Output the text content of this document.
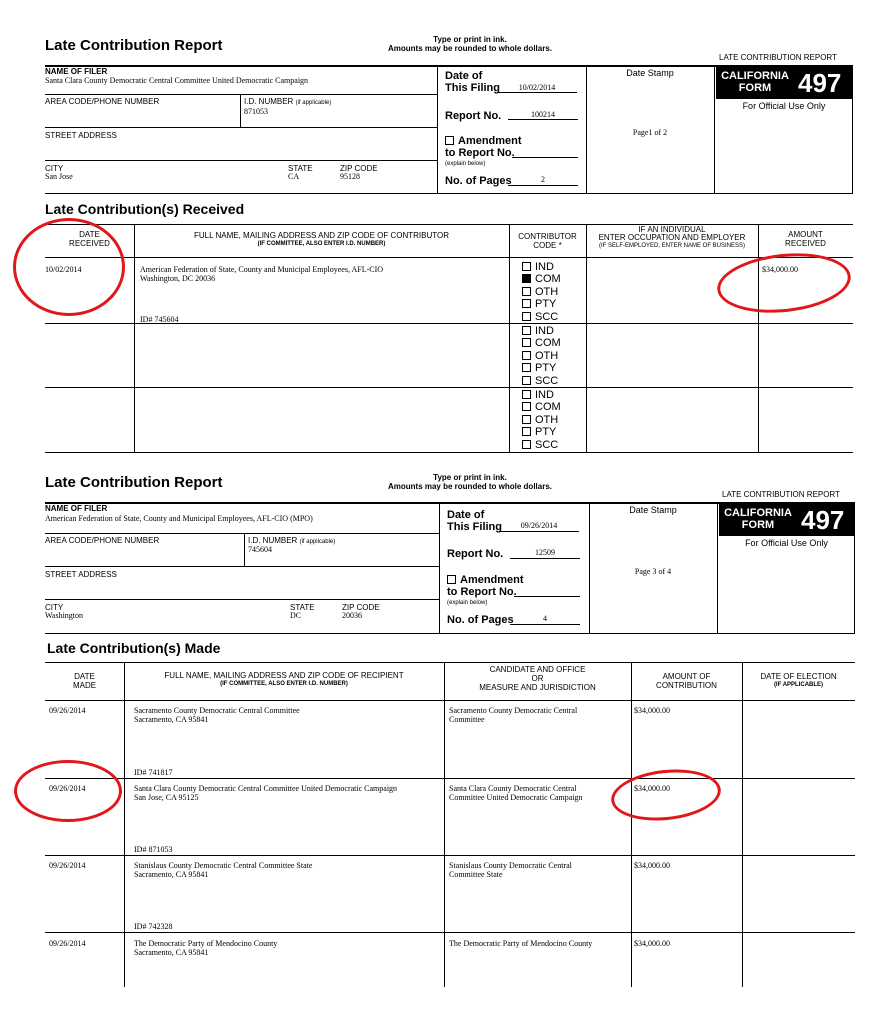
Late Contribution Report	Type or print in ink.
Amounts may be rounded to whole dollars.
LATE CONTRIBUTION REPORT
NAME OF FILER
Santa Clara County Democratic Central Committee United Democratic Campaign
AREA CODE/PHONE NUMBER	I.D. NUMBER (if applicable)
871053
STREET ADDRESS
CITY
San Jose
STATE
CA
ZIP CODE
95128
Date of
This Filing	10/02/2014
Report No.	100214
Amendment
to Report No.
(explain below)
No. of Pages	2
Date Stamp
Page1 of 2
CALIFORNIA
FORM	497
For Official Use Only
Late Contribution(s) Received
DATE
RECEIVED
FULL NAME, MAILING ADDRESS AND ZIP CODE OF CONTRIBUTOR
(IF COMMITTEE, ALSO ENTER I.D. NUMBER)
CONTRIBUTOR
CODE *
IF AN INDIVIDUAL
ENTER OCCUPATION AND EMPLOYER
(IF SELF-EMPLOYED, ENTER NAME OF BUSINESS)
AMOUNT
RECEIVED
10/02/2014	American Federation of State, County and Municipal Employees, AFL-CIO
Washington, DC 20036
ID# 745604
$34,000.00
IND
COM
OTH
PTY
SCC
IND
COM
OTH
PTY
SCC
IND
COM
OTH
PTY
SCC
Late Contribution Report	Type or print in ink.
Amounts may be rounded to whole dollars.
LATE CONTRIBUTION REPORT
NAME OF FILER
American Federation of State, County and Municipal Employees, AFL-CIO (MPO)
AREA CODE/PHONE NUMBER	I.D. NUMBER (if applicable)
745604
STREET ADDRESS
CITY
Washington
STATE
DC
ZIP CODE
20036
Date of
This Filing	09/26/2014
Report No.	12509
Amendment
to Report No.
(explain below)
No. of Pages	4
Date Stamp
Page 3 of 4
CALIFORNIA
FORM	497
For Official Use Only
Late Contribution(s) Made
DATE
MADE
FULL NAME, MAILING ADDRESS AND ZIP CODE OF RECIPIENT
(IF COMMITTEE, ALSO ENTER I.D. NUMBER)
CANDIDATE AND OFFICE
OR
MEASURE AND JURISDICTION
AMOUNT OF
CONTRIBUTION
DATE OF ELECTION
(IF APPLICABLE)
09/26/2014	Sacramento County Democratic Central Committee
Sacramento, CA 95841
ID# 741817
Sacramento County Democratic Central
Committee
$34,000.00
09/26/2014	Santa Clara County Democratic Central Committee United Democratic Campaign
San Jose, CA 95125
ID# 871053
Santa Clara County Democratic Central
Committee United Democratic Campaign
$34,000.00
09/26/2014	Stanislaus County Democratic Central Committee State
Sacramento, CA 95841
ID# 742328
Stanislaus County Democratic Central
Committee State
$34,000.00
09/26/2014	The Democratic Party of Mendocino County
Sacramento, CA 95841
The Democratic Party of Mendocino County	$34,000.00
